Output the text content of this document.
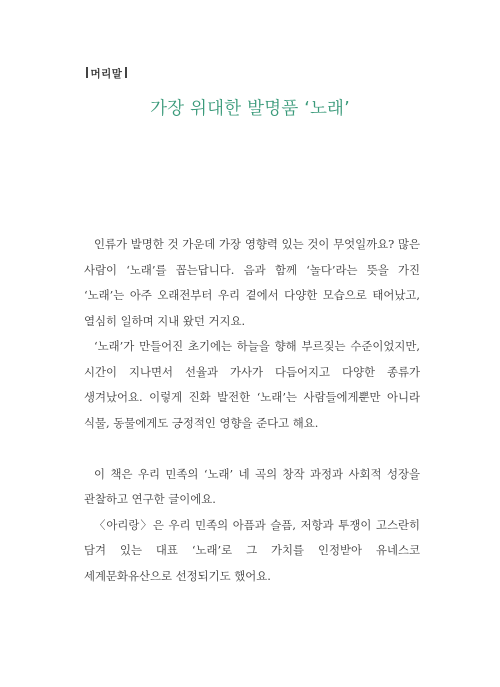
머리말
가장 위대한 발명품 ‘노래’

인류가 발명한 것 가운데 가장 영향력 있는 것이 무엇일까요? 많은 사람이 ‘노래’를 꼽는답니다. 음과 함께 ‘놀다’라는 뜻을 가진 ‘노래’는 아주 오래전부터 우리 곁에서 다양한 모습으로 태어났고, 열심히 일하며 지내 왔던 거지요.

‘노래’가 만들어진 초기에는 하늘을 향해 부르짖는 수준이었지만, 시간이 지나면서 선율과 가사가 다듬어지고 다양한 종류가 생겨났어요. 이렇게 진화 발전한 ‘노래’는 사람들에게뿐만 아니라 식물, 동물에게도 긍정적인 영향을 준다고 해요.

이 책은 우리 민족의 ‘노래’ 네 곡의 창작 과정과 사회적 성장을 관찰하고 연구한 글이에요.

〈아리랑〉은 우리 민족의 아픔과 슬픔, 저항과 투쟁이 고스란히 담겨 있는 대표 ‘노래’로 그 가치를 인정받아 유네스코 세계문화유산으로 선정되기도 했어요.
